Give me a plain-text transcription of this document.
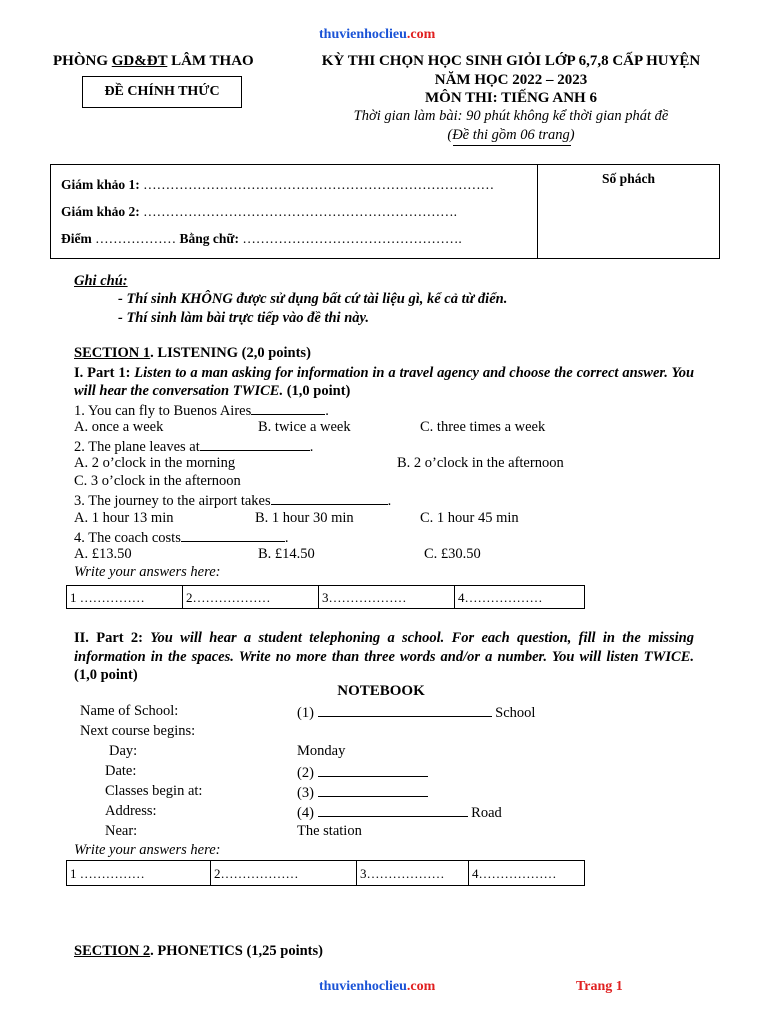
thuvienhoclieu.com
PHÒNG GD&ĐT LÂM THAO
ĐỀ CHÍNH THỨC
KỲ THI CHỌN HỌC SINH GIỎI LỚP 6,7,8 CẤP HUYỆN
NĂM HỌC 2022 – 2023
MÔN THI: TIẾNG ANH 6
Thời gian làm bài: 90 phút không kể thời gian phát đề
(Đề thi gồm 06 trang)
Giám khảo 1: ……………………………………………………………………
Giám khảo 2: …………………………………………………………….
Điểm ……………… Bằng chữ: ………………………………………….
	Số phách
Ghi chú:
- Thí sinh KHÔNG được sử dụng bất cứ tài liệu gì, kể cả từ điển.
- Thí sinh làm bài trực tiếp vào đề thi này.
SECTION 1. LISTENING (2,0 points)
I. Part 1: Listen to a man asking for information in a travel agency and choose the correct answer. You will hear the conversation TWICE. (1,0 point)
1. You can fly to Buenos Aires	.
A. once a week	B. twice a week	C. three times a week
2. The plane leaves at	.
A. 2 o’clock in the morning	B. 2 o’clock in the afternoon
C. 3 o’clock in the afternoon
3. The journey to the airport takes	.
A. 1 hour 13 min	B. 1 hour 30 min	C. 1 hour 45 min
4. The coach costs	.
A. £13.50	B. £14.50	C. £30.50
Write your answers here:
1 ……………	2………………	3………………	4………………
II. Part 2: You will hear a student telephoning a school. For each question, fill in the missing information in the spaces. Write no more than three words and/or a number. You will listen TWICE. (1,0 point)
NOTEBOOK
Name of School:	(1)	School
Next course begins:
Day:	Monday
Date:	(2)
Classes begin at:	(3)
Address:	(4)	Road
Near:	The station
Write your answers here:
1 ……………	2………………	3………………	4………………
SECTION 2. PHONETICS (1,25 points)
thuvienhoclieu.com	Trang 1
